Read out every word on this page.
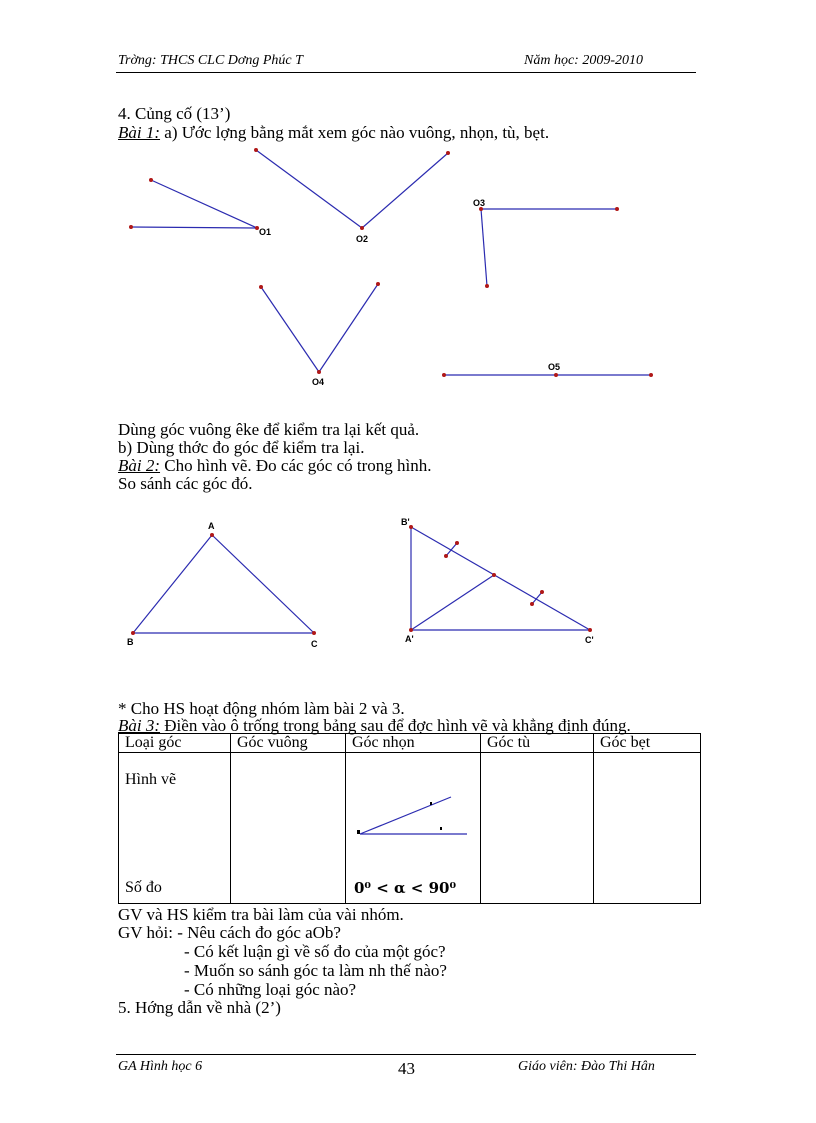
Trờng: THCS CLC Dơng Phúc T	Năm học: 2009-2010
4. Củng cố (13’)
Bài 1: a) Ước lợng bằng mắt xem góc nào vuông, nhọn, tù, bẹt.
O1
O2
O3
O4
O5
Dùng góc vuông êke để kiểm tra lại kết quả.
b) Dùng thớc đo góc để kiểm tra lại.
Bài 2: Cho hình vẽ. Đo các góc có trong hình.
So sánh các góc đó.
A
B	C
B'
A'	C'
* Cho HS hoạt động nhóm làm bài 2 và 3.
Bài 3: Điền vào ô trống trong bảng sau để đợc hình vẽ và khẳng định đúng.
Loại góc	Góc vuông	Góc nhọn	Góc tù	Góc bẹt

Hình vẽ
Số đo		0⁰ < α < 90⁰		

GV và HS kiểm tra bài làm của vài nhóm.
GV hỏi: - Nêu cách đo góc aOb?
- Có kết luận gì về số đo của một góc?
- Muốn so sánh góc ta làm nh thế nào?
- Có những loại góc nào?
5. Hớng dẫn về nhà (2’)
GA Hình học 6	43	Giáo viên: Đào Thi Hân
